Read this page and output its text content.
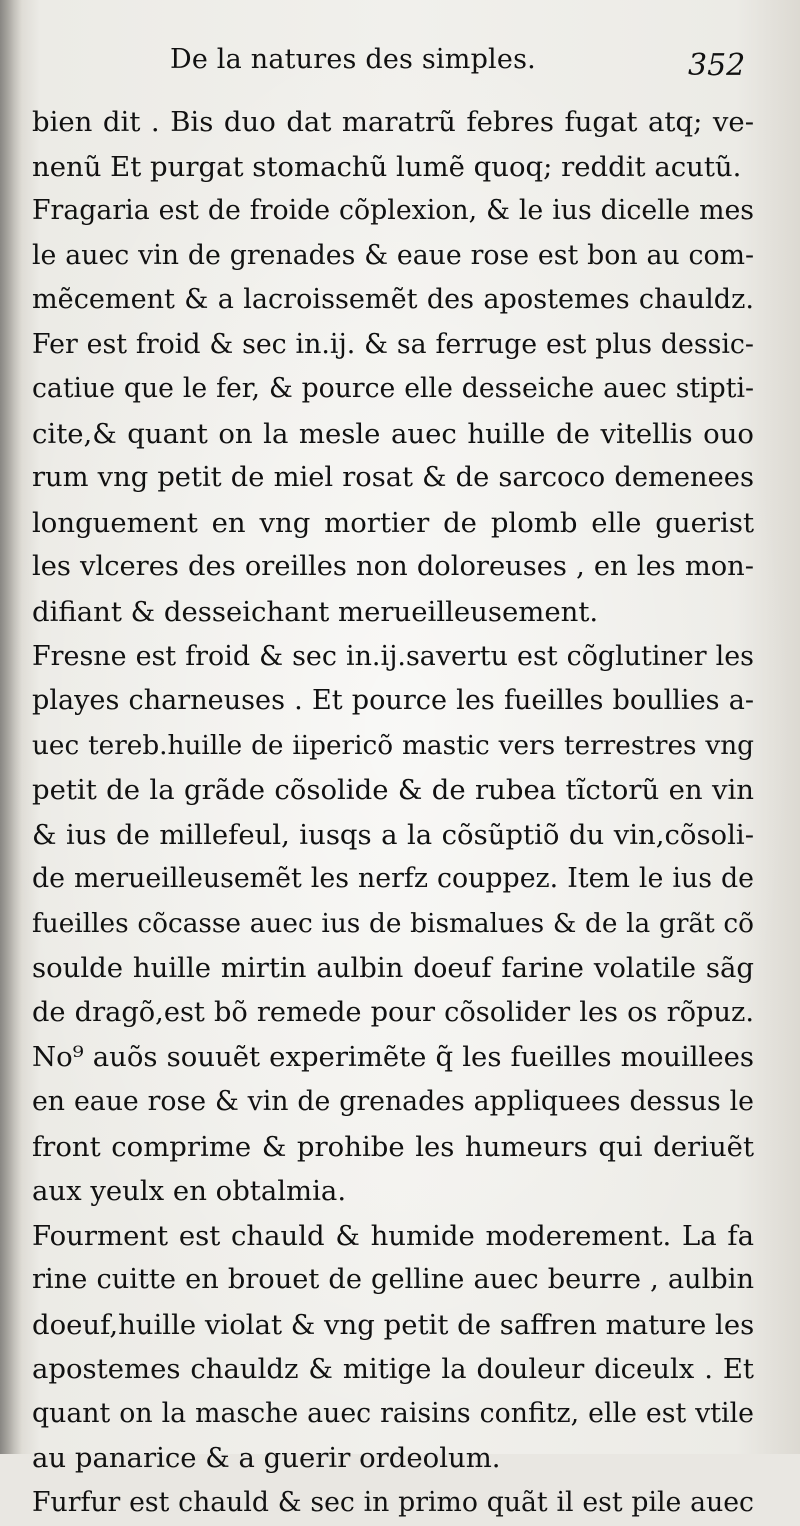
De la natures des simples.	352
bien dit . Bis duo dat maratrũ febres fugat atq; ve-
nenũ Et purgat stomachũ lumẽ quoq; reddit acutũ.
Fragaria est de froide cõplexion, & le ius dicelle mes
le auec vin de grenades & eaue rose est bon au com-
mẽcement & a lacroissemẽt des apostemes chauldz.
Fer est froid & sec in.ij. & sa ferruge est plus dessic-
catiue que le fer, & pource elle desseiche auec stipti-
cite,& quant on la mesle auec huille de vitellis ouo
rum vng petit de miel rosat & de sarcoco demenees
longuement en vng mortier de plomb elle guerist
les vlceres des oreilles non doloreuses , en les mon-
difiant & desseichant merueilleusement.
Fresne est froid & sec in.ij.savertu est cõglutiner les
playes charneuses . Et pource les fueilles boullies a-
uec tereb.huille de iipericõ mastic vers terrestres vng
petit de la grãde cõsolide & de rubea tĩctorũ en vin
& ius de millefeul, iusqs a la cõsũptiõ du vin,cõsoli-
de merueilleusemẽt les nerfz couppez. Item le ius de
fueilles cõcasse auec ius de bismalues & de la grãt cõ
soulde huille mirtin aulbin doeuf farine volatile sãg
de dragõ,est bõ remede pour cõsolider les os rõpuz.
No⁹ auõs souuẽt experimẽte q̃ les fueilles mouillees
en eaue rose & vin de grenades appliquees dessus le
front comprime & prohibe les humeurs qui deriuẽt
aux yeulx en obtalmia.
Fourment est chauld & humide moderement. La fa
rine cuitte en brouet de gelline auec beurre , aulbin
doeuf,huille violat & vng petit de saffren mature les
apostemes chauldz & mitige la douleur diceulx . Et
quant on la masche auec raisins confitz, elle est vtile
au panarice & a guerir ordeolum.
Furfur est chauld & sec in primo quãt il est pile auec
